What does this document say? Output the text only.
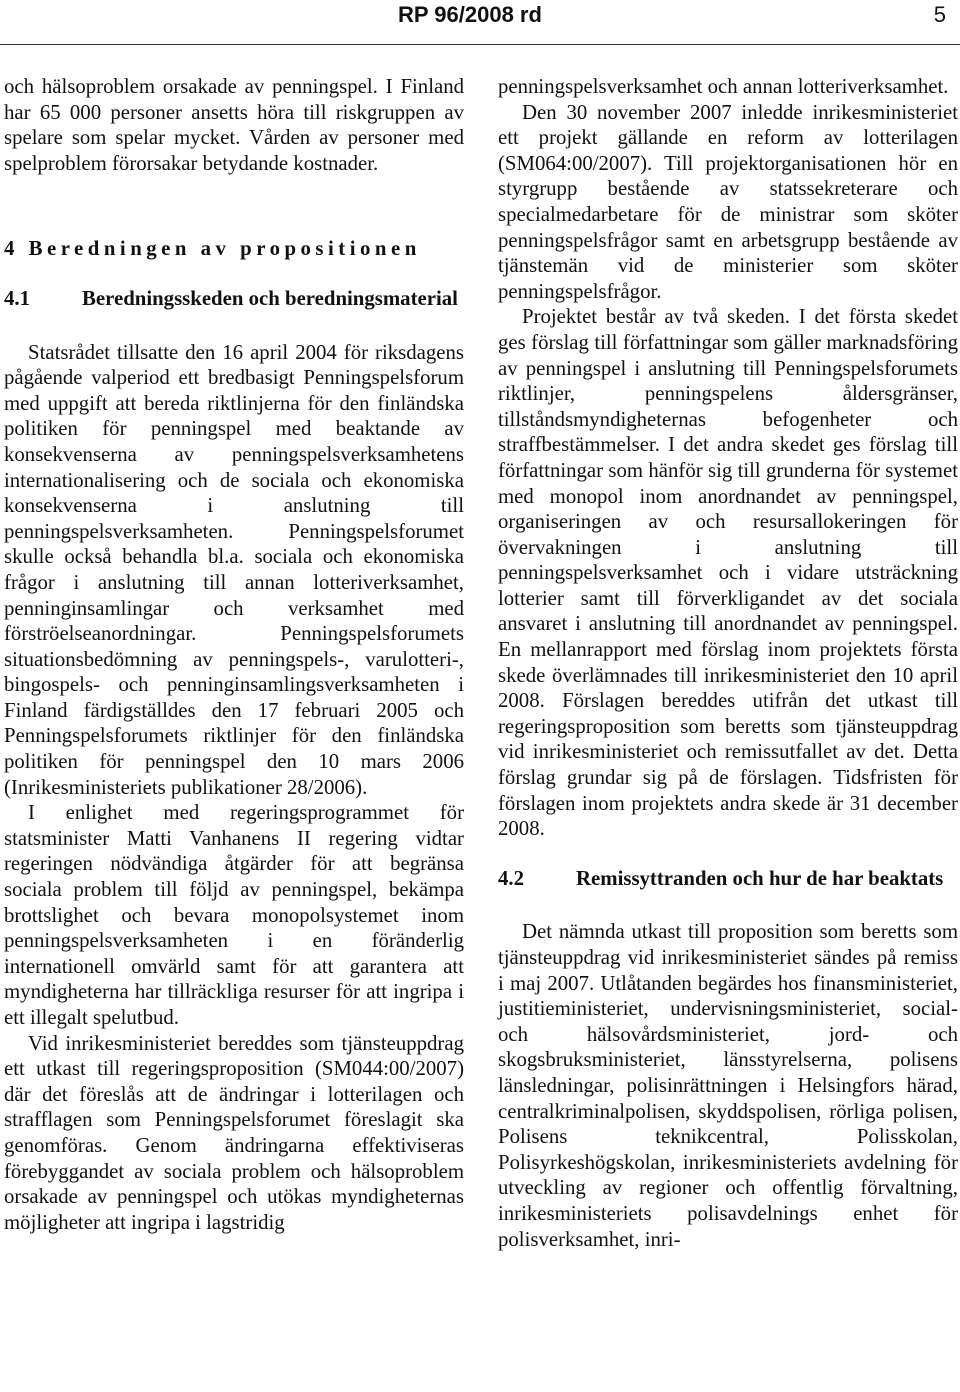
RP 96/2008 rd	5

och hälsoproblem orsakade av penningspel. I Finland har 65 000 personer ansetts höra till riskgruppen av spelare som spelar mycket. Vården av personer med spelproblem förorsakar betydande kostnader.

4 Beredningen av propositionen

4.1	Beredningsskeden och beredningsmaterial

Statsrådet tillsatte den 16 april 2004 för riksdagens pågående valperiod ett bredbasigt Penningspelsforum med uppgift att bereda riktlinjerna för den finländska politiken för penningspel med beaktande av konsekvenserna av penningspelsverksamhetens internationalisering och de sociala och ekonomiska konsekvenserna i anslutning till penningspelsverksamheten. Penningspelsforumet skulle också behandla bl.a. sociala och ekonomiska frågor i anslutning till annan lotteriverksamhet, penninginsamlingar och verksamhet med förströelseanordningar. Penningspelsforumets situationsbedömning av penningspels-, varulotteri-, bingospels- och penninginsamlingsverksamheten i Finland färdigställdes den 17 februari 2005 och Penningspelsforumets riktlinjer för den finländska politiken för penningspel den 10 mars 2006 (Inrikesministeriets publikationer 28/2006).

I enlighet med regeringsprogrammet för statsminister Matti Vanhanens II regering vidtar regeringen nödvändiga åtgärder för att begränsa sociala problem till följd av penningspel, bekämpa brottslighet och bevara monopolsystemet inom penningspelsverksamheten i en föränderlig internationell omvärld samt för att garantera att myndigheterna har tillräckliga resurser för att ingripa i ett illegalt spelutbud.

Vid inrikesministeriet bereddes som tjänsteuppdrag ett utkast till regeringsproposition (SM044:00/2007) där det föreslås att de ändringar i lotterilagen och strafflagen som Penningspelsforumet föreslagit ska genomföras. Genom ändringarna effektiviseras förebyggandet av sociala problem och hälsoproblem orsakade av penningspel och utökas myndigheternas möjligheter att ingripa i lagstridig

penningspelsverksamhet och annan lotteriverksamhet.

Den 30 november 2007 inledde inrikesministeriet ett projekt gällande en reform av lotterilagen (SM064:00/2007). Till projektorganisationen hör en styrgrupp bestående av statssekreterare och specialmedarbetare för de ministrar som sköter penningspelsfrågor samt en arbetsgrupp bestående av tjänstemän vid de ministerier som sköter penningspelsfrågor.

Projektet består av två skeden. I det första skedet ges förslag till författningar som gäller marknadsföring av penningspel i anslutning till Penningspelsforumets riktlinjer, penningspelens åldersgränser, tillståndsmyndigheternas befogenheter och straffbestämmelser. I det andra skedet ges förslag till författningar som hänför sig till grunderna för systemet med monopol inom anordnandet av penningspel, organiseringen av och resursallokeringen för övervakningen i anslutning till penningspelsverksamhet och i vidare utsträckning lotterier samt till förverkligandet av det sociala ansvaret i anslutning till anordnandet av penningspel. En mellanrapport med förslag inom projektets första skede överlämnades till inrikesministeriet den 10 april 2008. Förslagen bereddes utifrån det utkast till regeringsproposition som beretts som tjänsteuppdrag vid inrikesministeriet och remissutfallet av det. Detta förslag grundar sig på de förslagen. Tidsfristen för förslagen inom projektets andra skede är 31 december 2008.

4.2	Remissyttranden och hur de har beaktats

Det nämnda utkast till proposition som beretts som tjänsteuppdrag vid inrikesministeriet sändes på remiss i maj 2007. Utlåtanden begärdes hos finansministeriet, justitieministeriet, undervisningsministeriet, social- och hälsovårdsministeriet, jord- och skogsbruksministeriet, länsstyrelserna, polisens länsledningar, polisinrättningen i Helsingfors härad, centralkriminalpolisen, skyddspolisen, rörliga polisen, Polisens teknikcentral, Polisskolan, Polisyrkeshögskolan, inrikesministeriets avdelning för utveckling av regioner och offentlig förvaltning, inrikesministeriets polisavdelnings enhet för polisverksamhet, inri-
